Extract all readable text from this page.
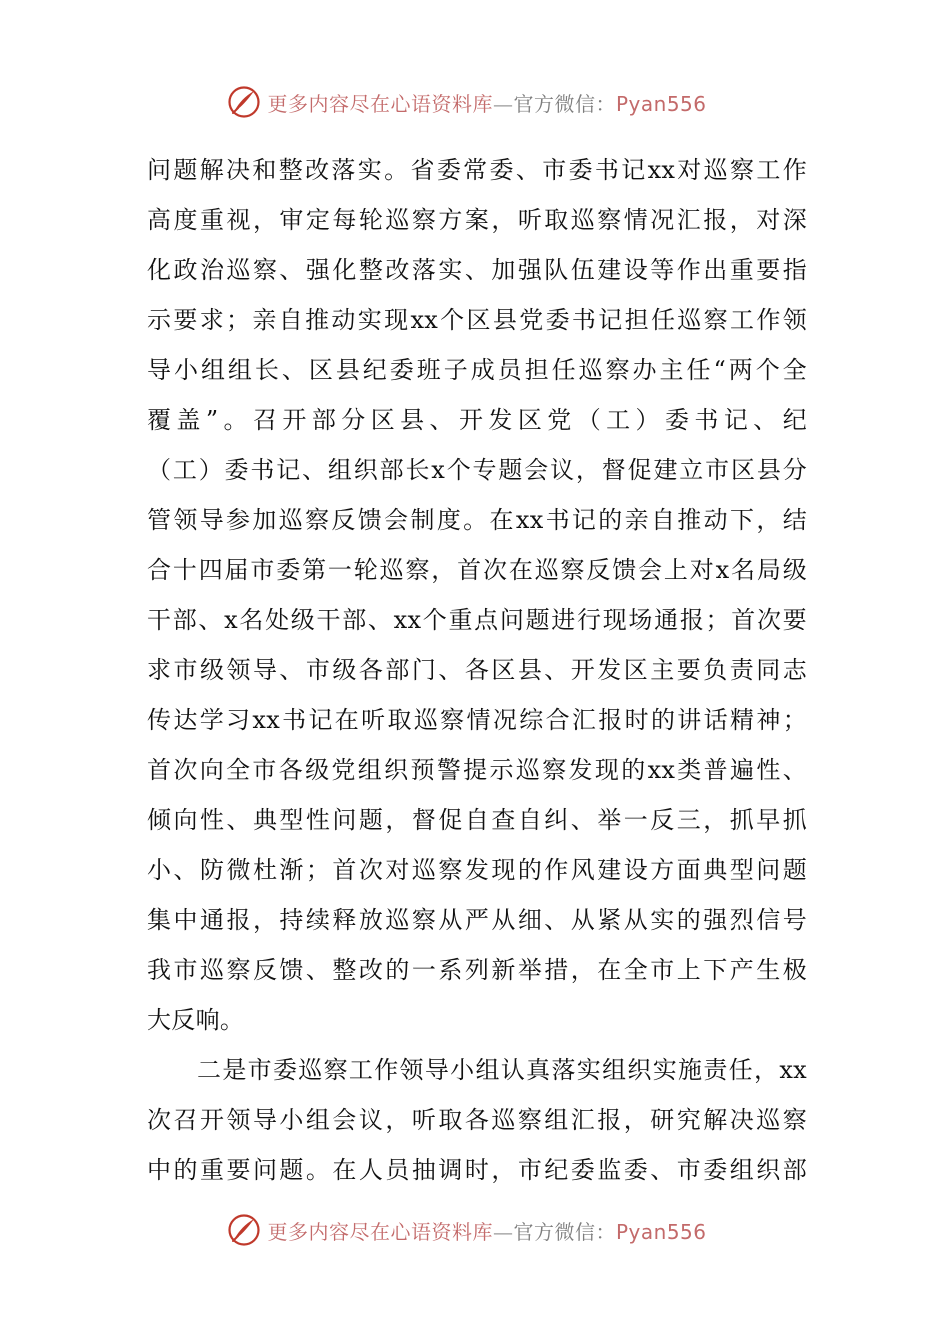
更多内容尽在心语资料库—官方微信：Pyan556
问题解决和整改落实。省委常委、市委书记xx对巡察工作
高度重视，审定每轮巡察方案，听取巡察情况汇报，对深
化政治巡察、强化整改落实、加强队伍建设等作出重要指
示要求；亲自推动实现xx个区县党委书记担任巡察工作领
导小组组长、区县纪委班子成员担任巡察办主任“两个全
覆盖”。召开部分区县、开发区党（工）委书记、纪
（工）委书记、组织部长x个专题会议，督促建立市区县分
管领导参加巡察反馈会制度。在xx书记的亲自推动下，结
合十四届市委第一轮巡察，首次在巡察反馈会上对x名局级
干部、x名处级干部、xx个重点问题进行现场通报；首次要
求市级领导、市级各部门、各区县、开发区主要负责同志
传达学习xx书记在听取巡察情况综合汇报时的讲话精神；
首次向全市各级党组织预警提示巡察发现的xx类普遍性、
倾向性、典型性问题，督促自查自纠、举一反三，抓早抓
小、防微杜渐；首次对巡察发现的作风建设方面典型问题
集中通报，持续释放巡察从严从细、从紧从实的强烈信号
我市巡察反馈、整改的一系列新举措，在全市上下产生极
大反响。
二是市委巡察工作领导小组认真落实组织实施责任，xx
次召开领导小组会议，听取各巡察组汇报，研究解决巡察
中的重要问题。在人员抽调时，市纪委监委、市委组织部
更多内容尽在心语资料库—官方微信：Pyan556
